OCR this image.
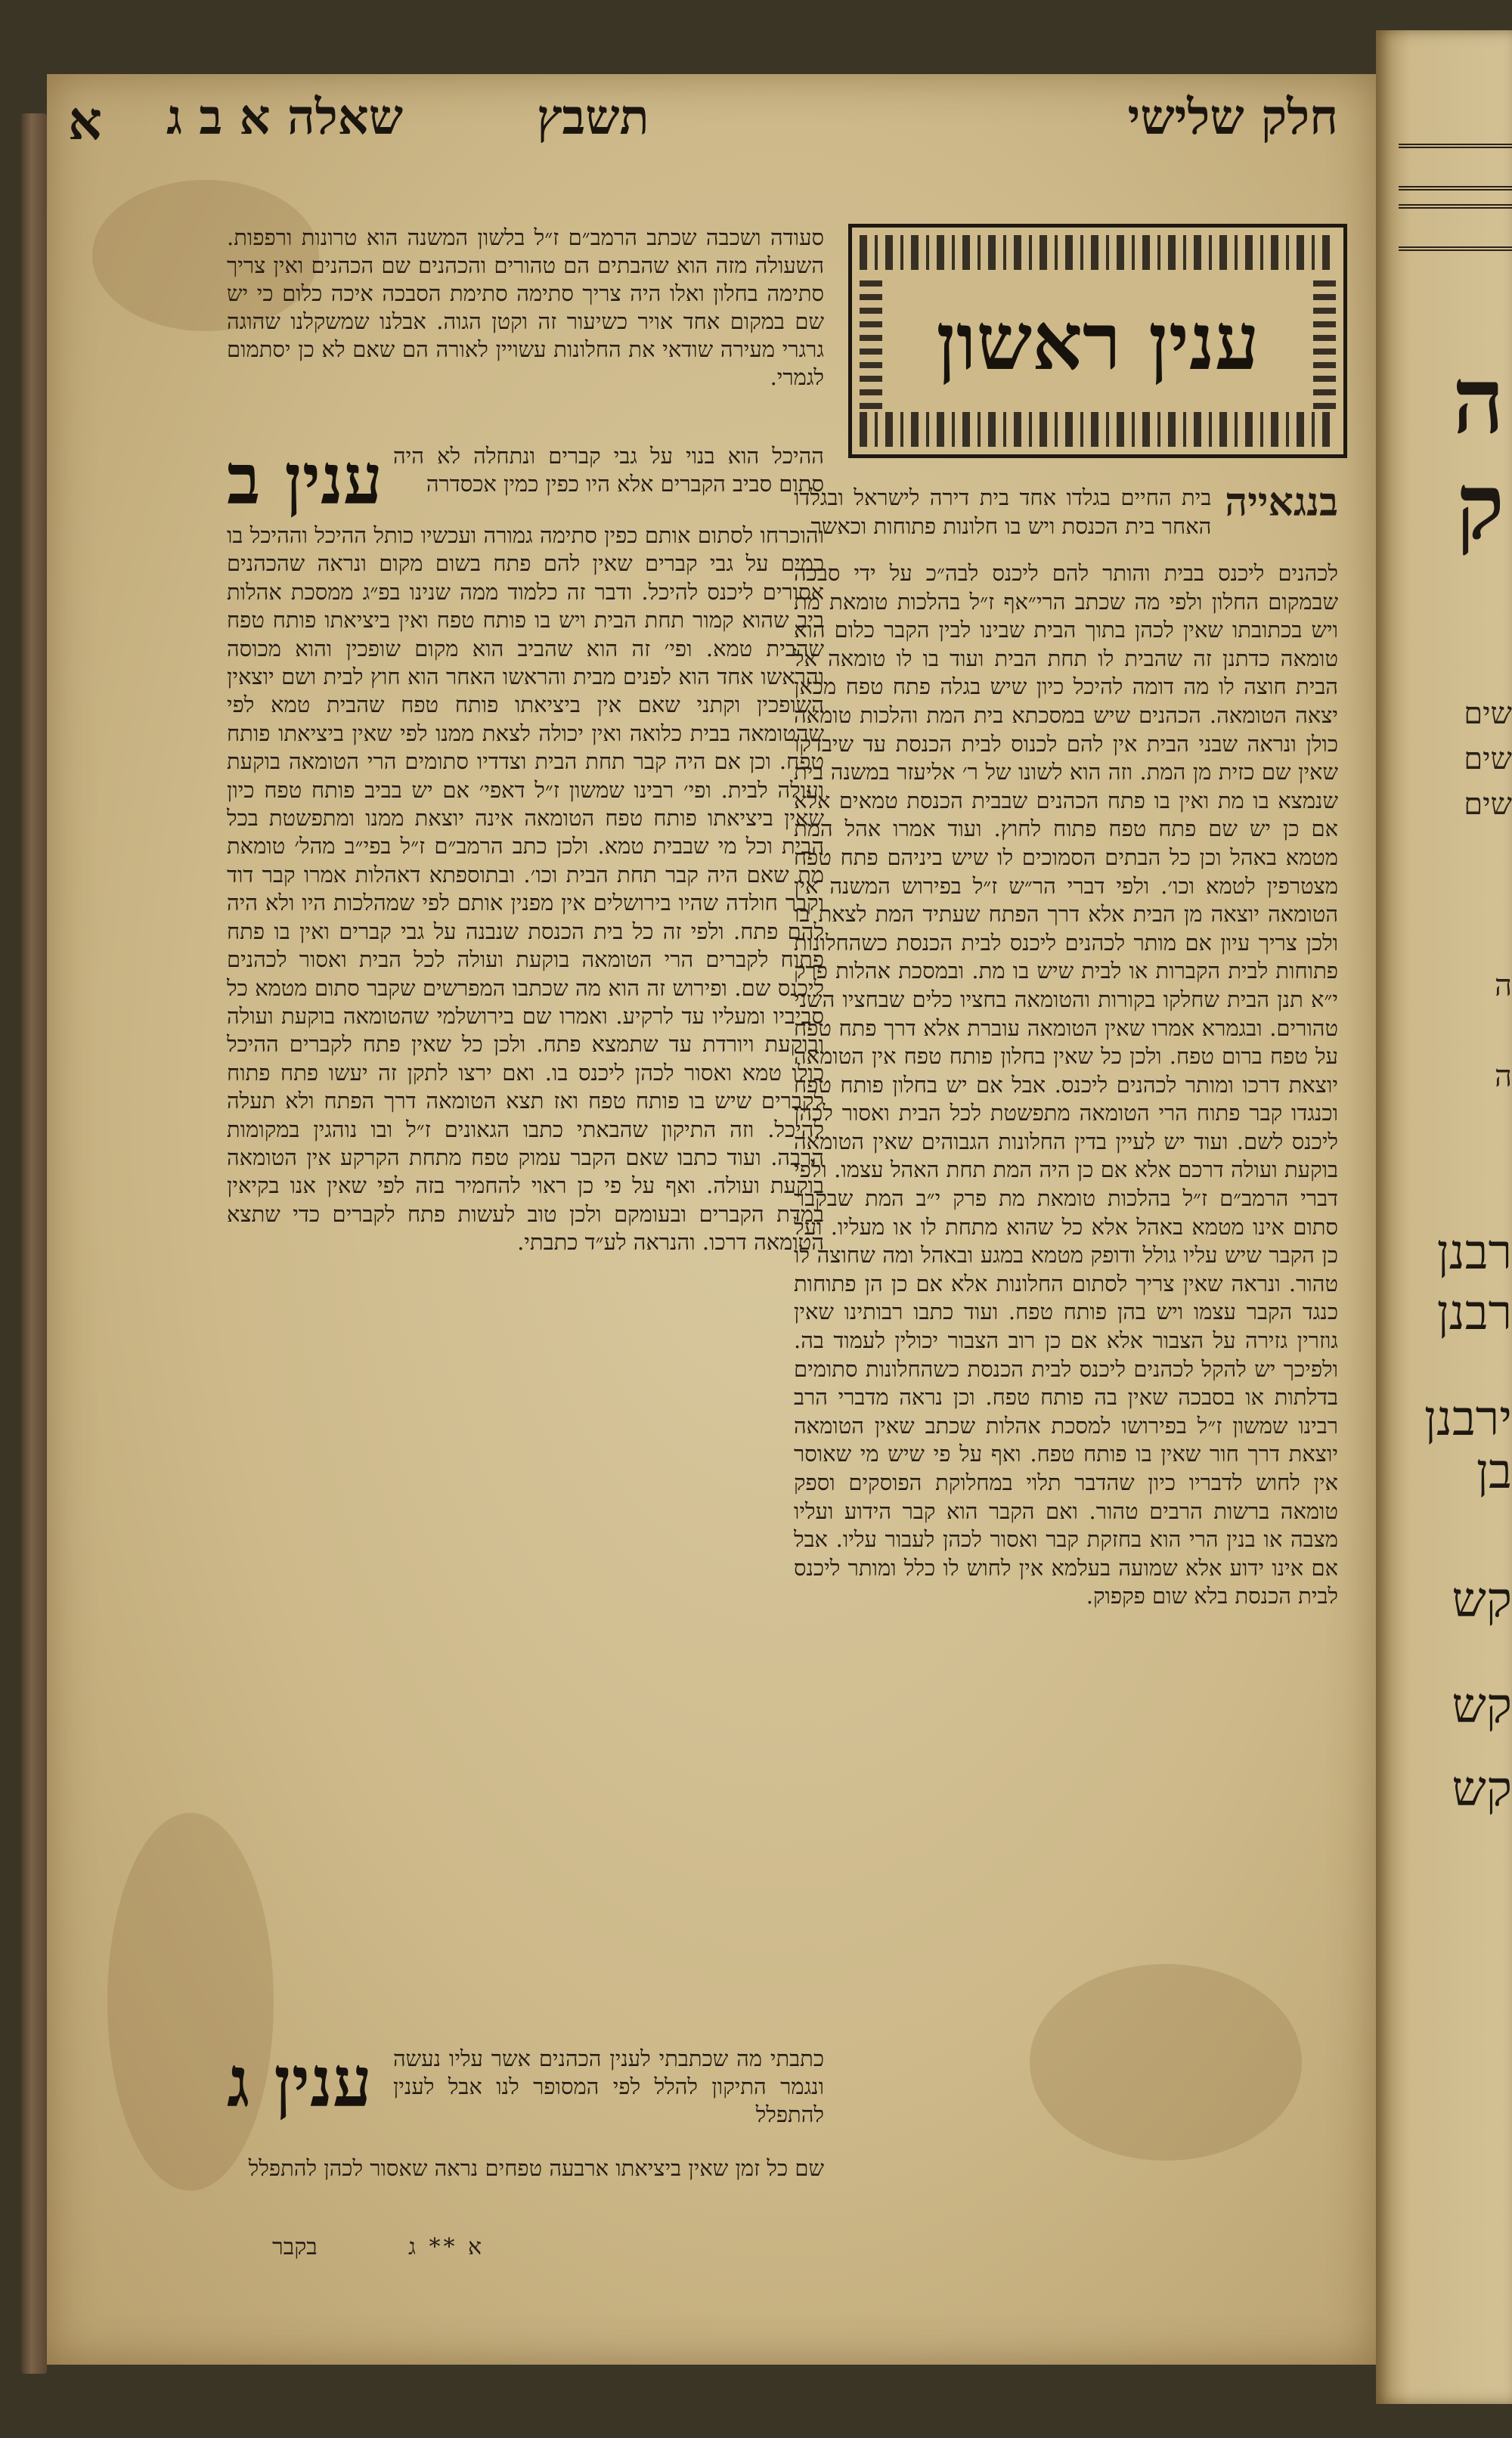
חלק שלישי
תשבץ
שאלה א ב ג
א
ענין ראשון
בנגאייה
בית החיים בגלדו אחד בית דירה לישראל ובגלדו האחר בית הכנסת ויש בו חלונות פתוחות וכאשר
לכהנים ליכנס בבית והותר להם ליכנס לבה״כ על ידי סבכה שבמקום החלון ולפי מה שכתב הרי״אף ז״ל בהלכות טומאת מת ויש בכתובתו שאין לכהן בתוך הבית שבינו לבין הקבר כלום הוא טומאה כדתנן זה שהבית לו תחת הבית ועוד בו לו טומאה אל הבית חוצה לו מה דומה להיכל כיון שיש בגלה פתח טפח מכאן יצאה הטומאה. הכהנים שיש במסכתא בית המת והלכות טומאה כולן ונראה שבני הבית אין להם לכנוס לבית הכנסת עד שיבדקו שאין שם כזית מן המת. וזה הוא לשונו של ר׳ אליעזר במשנה בית שנמצא בו מת ואין בו פתח הכהנים שבבית הכנסת טמאים אלא אם כן יש שם פתח טפח פתוח לחוץ. ועוד אמרו אהל המת מטמא באהל וכן כל הבתים הסמוכים לו שיש ביניהם פתח טפח מצטרפין לטמא וכו׳. ולפי דברי הר״ש ז״ל בפירוש המשנה אין הטומאה יוצאה מן הבית אלא דרך הפתח שעתיד המת לצאת בו ולכן צריך עיון אם מותר לכהנים ליכנס לבית הכנסת כשהחלונות פתוחות לבית הקברות או לבית שיש בו מת. ובמסכת אהלות פרק י״א תנן הבית שחלקו בקורות והטומאה בחציו כלים שבחציו השני טהורים. ובגמרא אמרו שאין הטומאה עוברת אלא דרך פתח טפח על טפח ברום טפח. ולכן כל שאין בחלון פותח טפח אין הטומאה יוצאת דרכו ומותר לכהנים ליכנס. אבל אם יש בחלון פותח טפח וכנגדו קבר פתוח הרי הטומאה מתפשטת לכל הבית ואסור לכהן ליכנס לשם. ועוד יש לעיין בדין החלונות הגבוהים שאין הטומאה בוקעת ועולה דרכם אלא אם כן היה המת תחת האהל עצמו. ולפי דברי הרמב״ם ז״ל בהלכות טומאת מת פרק י״ב המת שבקבר סתום אינו מטמא באהל אלא כל שהוא מתחת לו או מעליו. ועל כן הקבר שיש עליו גולל ודופק מטמא במגע ובאהל ומה שחוצה לו טהור. ונראה שאין צריך לסתום החלונות אלא אם כן הן פתוחות כנגד הקבר עצמו ויש בהן פותח טפח. ועוד כתבו רבותינו שאין גוזרין גזירה על הצבור אלא אם כן רוב הצבור יכולין לעמוד בה. ולפיכך יש להקל לכהנים ליכנס לבית הכנסת כשהחלונות סתומים בדלתות או בסבכה שאין בה פותח טפח. וכן נראה מדברי הרב רבינו שמשון ז״ל בפירושו למסכת אהלות שכתב שאין הטומאה יוצאת דרך חור שאין בו פותח טפח. ואף על פי שיש מי שאוסר אין לחוש לדבריו כיון שהדבר תלוי במחלוקת הפוסקים וספק טומאה ברשות הרבים טהור. ואם הקבר הוא קבר הידוע ועליו מצבה או בנין הרי הוא בחזקת קבר ואסור לכהן לעבור עליו. אבל אם אינו ידוע אלא שמועה בעלמא אין לחוש לו כלל ומותר ליכנס לבית הכנסת בלא שום פקפוק.
סעודה ושכבה שכתב הרמב״ם ז״ל בלשון המשנה הוא טרונות ורפפות. השעולה מזה הוא שהבתים הם טהורים והכהנים שם הכהנים ואין צריך סתימה בחלון ואלו היה צריך סתימה סתימת הסבכה איכה כלום כי יש שם במקום אחד אויר כשיעור זה וקטן הגוה. אבלנו שמשקלנו שהוגה גרגרי מעירה שודאי את החלונות עשויין לאורה הם שאם לא כן יסתמום לגמרי.
ענין ב ההיכל הוא בנוי על גבי קברים ונתחלה לא היה סתום סביב הקברים אלא היו כפין כמין אכסדרה
והוכרחו לסתום אותם כפין סתימה גמורה ועכשיו כותל ההיכל וההיכל בו כמים על גבי קברים שאין להם פתח בשום מקום ונראה שהכהנים אסורים ליכנס להיכל. ודבר זה כלמוד ממה שנינו בפ״ג ממסכת אהלות ביב שהוא קמור תחת הבית ויש בו פותח טפח ואין ביציאתו פותח טפח שהבית טמא. ופי׳ זה הוא שהביב הוא מקום שופכין והוא מכוסה והראשו אחד הוא לפנים מבית והראשו האחר הוא חוץ לבית ושם יוצאין השופכין וקתני שאם אין ביציאתו פותח טפח שהבית טמא לפי שהטומאה בבית כלואה ואין יכולה לצאת ממנו לפי שאין ביציאתו פותח טפח. וכן אם היה קבר תחת הבית וצדדיו סתומים הרי הטומאה בוקעת ועולה לבית. ופי׳ רבינו שמשון ז״ל דאפי׳ אם יש בביב פותח טפח כיון שאין ביציאתו פותח טפח הטומאה אינה יוצאת ממנו ומתפשטת בכל הבית וכל מי שבבית טמא. ולכן כתב הרמב״ם ז״ל בפי״ב מהל׳ טומאת מת שאם היה קבר תחת הבית וכו׳. ובתוספתא דאהלות אמרו קבר דוד וקבר חולדה שהיו בירושלים אין מפנין אותם לפי שמהלכות היו ולא היה להם פתח. ולפי זה כל בית הכנסת שנבנה על גבי קברים ואין בו פתח פתוח לקברים הרי הטומאה בוקעת ועולה לכל הבית ואסור לכהנים ליכנס שם. ופירוש זה הוא מה שכתבו המפרשים שקבר סתום מטמא כל סביביו ומעליו עד לרקיע. ואמרו שם בירושלמי שהטומאה בוקעת ועולה ובוקעת ויורדת עד שתמצא פתח. ולכן כל שאין פתח לקברים ההיכל כולו טמא ואסור לכהן ליכנס בו. ואם ירצו לתקן זה יעשו פתח פתוח לקברים שיש בו פותח טפח ואז תצא הטומאה דרך הפתח ולא תעלה להיכל. וזה התיקון שהבאתי כתבו הגאונים ז״ל ובו נוהגין במקומות הרבה. ועוד כתבו שאם הקבר עמוק טפח מתחת הקרקע אין הטומאה בוקעת ועולה. ואף על פי כן ראוי להחמיר בזה לפי שאין אנו בקיאין במדת הקברים ובעומקם ולכן טוב לעשות פתח לקברים כדי שתצא הטומאה דרכו. והנראה לע״ד כתבתי.
ענין ג כתבתי מה שכתבתי לענין הכהנים אשר עליו נעשה ונגמר התיקון להלל לפי המסופר לנו אבל לענין להתפלל
שם כל זמן שאין ביציאתו ארבעה טפחים נראה שאסור לכהן להתפלל
א ** ג
בקבר
ה
ק
שים
שים
שים
ה
ה
רבנן
רבנן
ירבנן
בן
קש
קש
קש
